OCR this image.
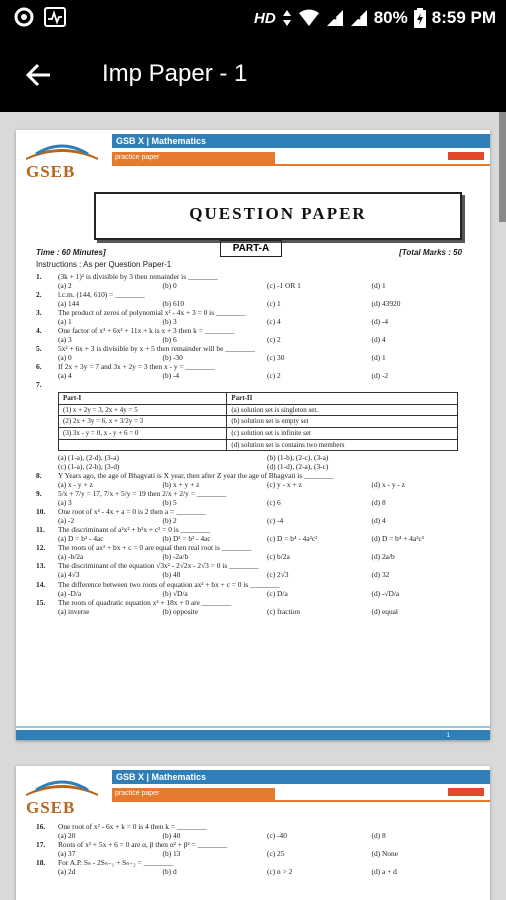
HD	80% 8:59 PM
Imp Paper - 1
GSEB
GSB X | Mathematics
practice paper
QUESTION PAPER
PART-A
Time : 60 Minutes]	[Total Marks : 50
Instructions : As per Question Paper-1
1. (3k + 1)² is divisible by 3 then remainder is ________
(a) 2	(b) 0	(c) -1 OR 1	(d) 1
2. l.c.m. (144, 610) = ________
(a) 144	(b) 610	(c) 1	(d) 43920
3. The product of zeros of polynomial x² - 4x + 3 = 0 is ________
(a) 1	(b) 3	(c) 4	(d) -4
4. One factor of x³ + 6x² + 11x + k is x + 3 then k = ________
(a) 3	(b) 6	(c) 2	(d) 4
5. 5x² + 6x + 3 is divisible by x + 5 then remainder will be ________
(a) 0	(b) -30	(c) 30	(d) 1
6. If 2x + 3y = 7 and 3x + 2y = 3 then x - y = ________
(a) 4	(b) -4	(c) 2	(d) -2
7.
Part-I	Part-II
(1) x + 2y = 3, 2x + 4y = 5	(a) solution set is singleton set.
(2) 2x + 3y = 6, x + 3/2y = 3	(b) solution set is empty set
(3) 3x - y = 0, x - y + 6 = 0	(c) solution set is infinite set
	(d) solution set is contains two members
(a) (1-a), (2-d), (3-a)	(b) (1-b), (2-c), (3-a)
(c) (1-a), (2-b), (3-d)	(d) (1-d), (2-a), (3-c)
8. Y Years ago, the age of Bhagvati is X year, then after Z year the age of Bhagvati is ________
(a) x - y + z	(b) x + y + z	(c) y - x + z	(d) x - y - z
9. 5/x + 7/y = 17, 7/x + 5/y = 19 then 2/x + 2/y = ________
(a) 3	(b) 5	(c) 6	(d) 8
10. One root of x² - 4x + a = 0 is 2 then a = ________
(a) -2	(b) 2	(c) -4	(d) 4
11. The discriminant of a²x² + b²x + c² = 0 is ________
(a) D = b² - 4ac	(b) D² = b² - 4ac	(c) D = b⁴ - 4a²c²	(d) D = b⁴ + 4a²c²
12. The roots of ax² + bx + c = 0 are equal then real root is ________
(a) -b/2a	(b) -2a/b	(c) b/2a	(d) 2a/b
13. The discriminant of the equation √3x² - 2√2x - 2√3 = 0 is ________
(a) 4√3	(b) 48	(c) 2√3	(d) 32
14. The difference between two roots of equation ax² + bx + c = 0 is ________
(a) -D/a	(b) √D/a	(c) D/a	(d) -√D/a
15. The roots of quadratic equation x² + 18x + 0 are ________
(a) inverse	(b) opposite	(c) fraction	(d) equal
1
GSEB
GSB X | Mathematics
practice paper
16. One root of x² - 6x + k = 0 is 4 then k = ________
(a) 20	(b) 40	(c) -40	(d) 8
17. Roots of x² + 5x + 6 = 0 are α, β then α² + β² = ________
(a) 37	(b) 13	(c) 25	(d) None
18. For A.P. Sₙ - 2Sₙ₋₁ + Sₙ₋₂ = ________
(a) 2d	(b) d	(c) n > 2	(d) a + d
